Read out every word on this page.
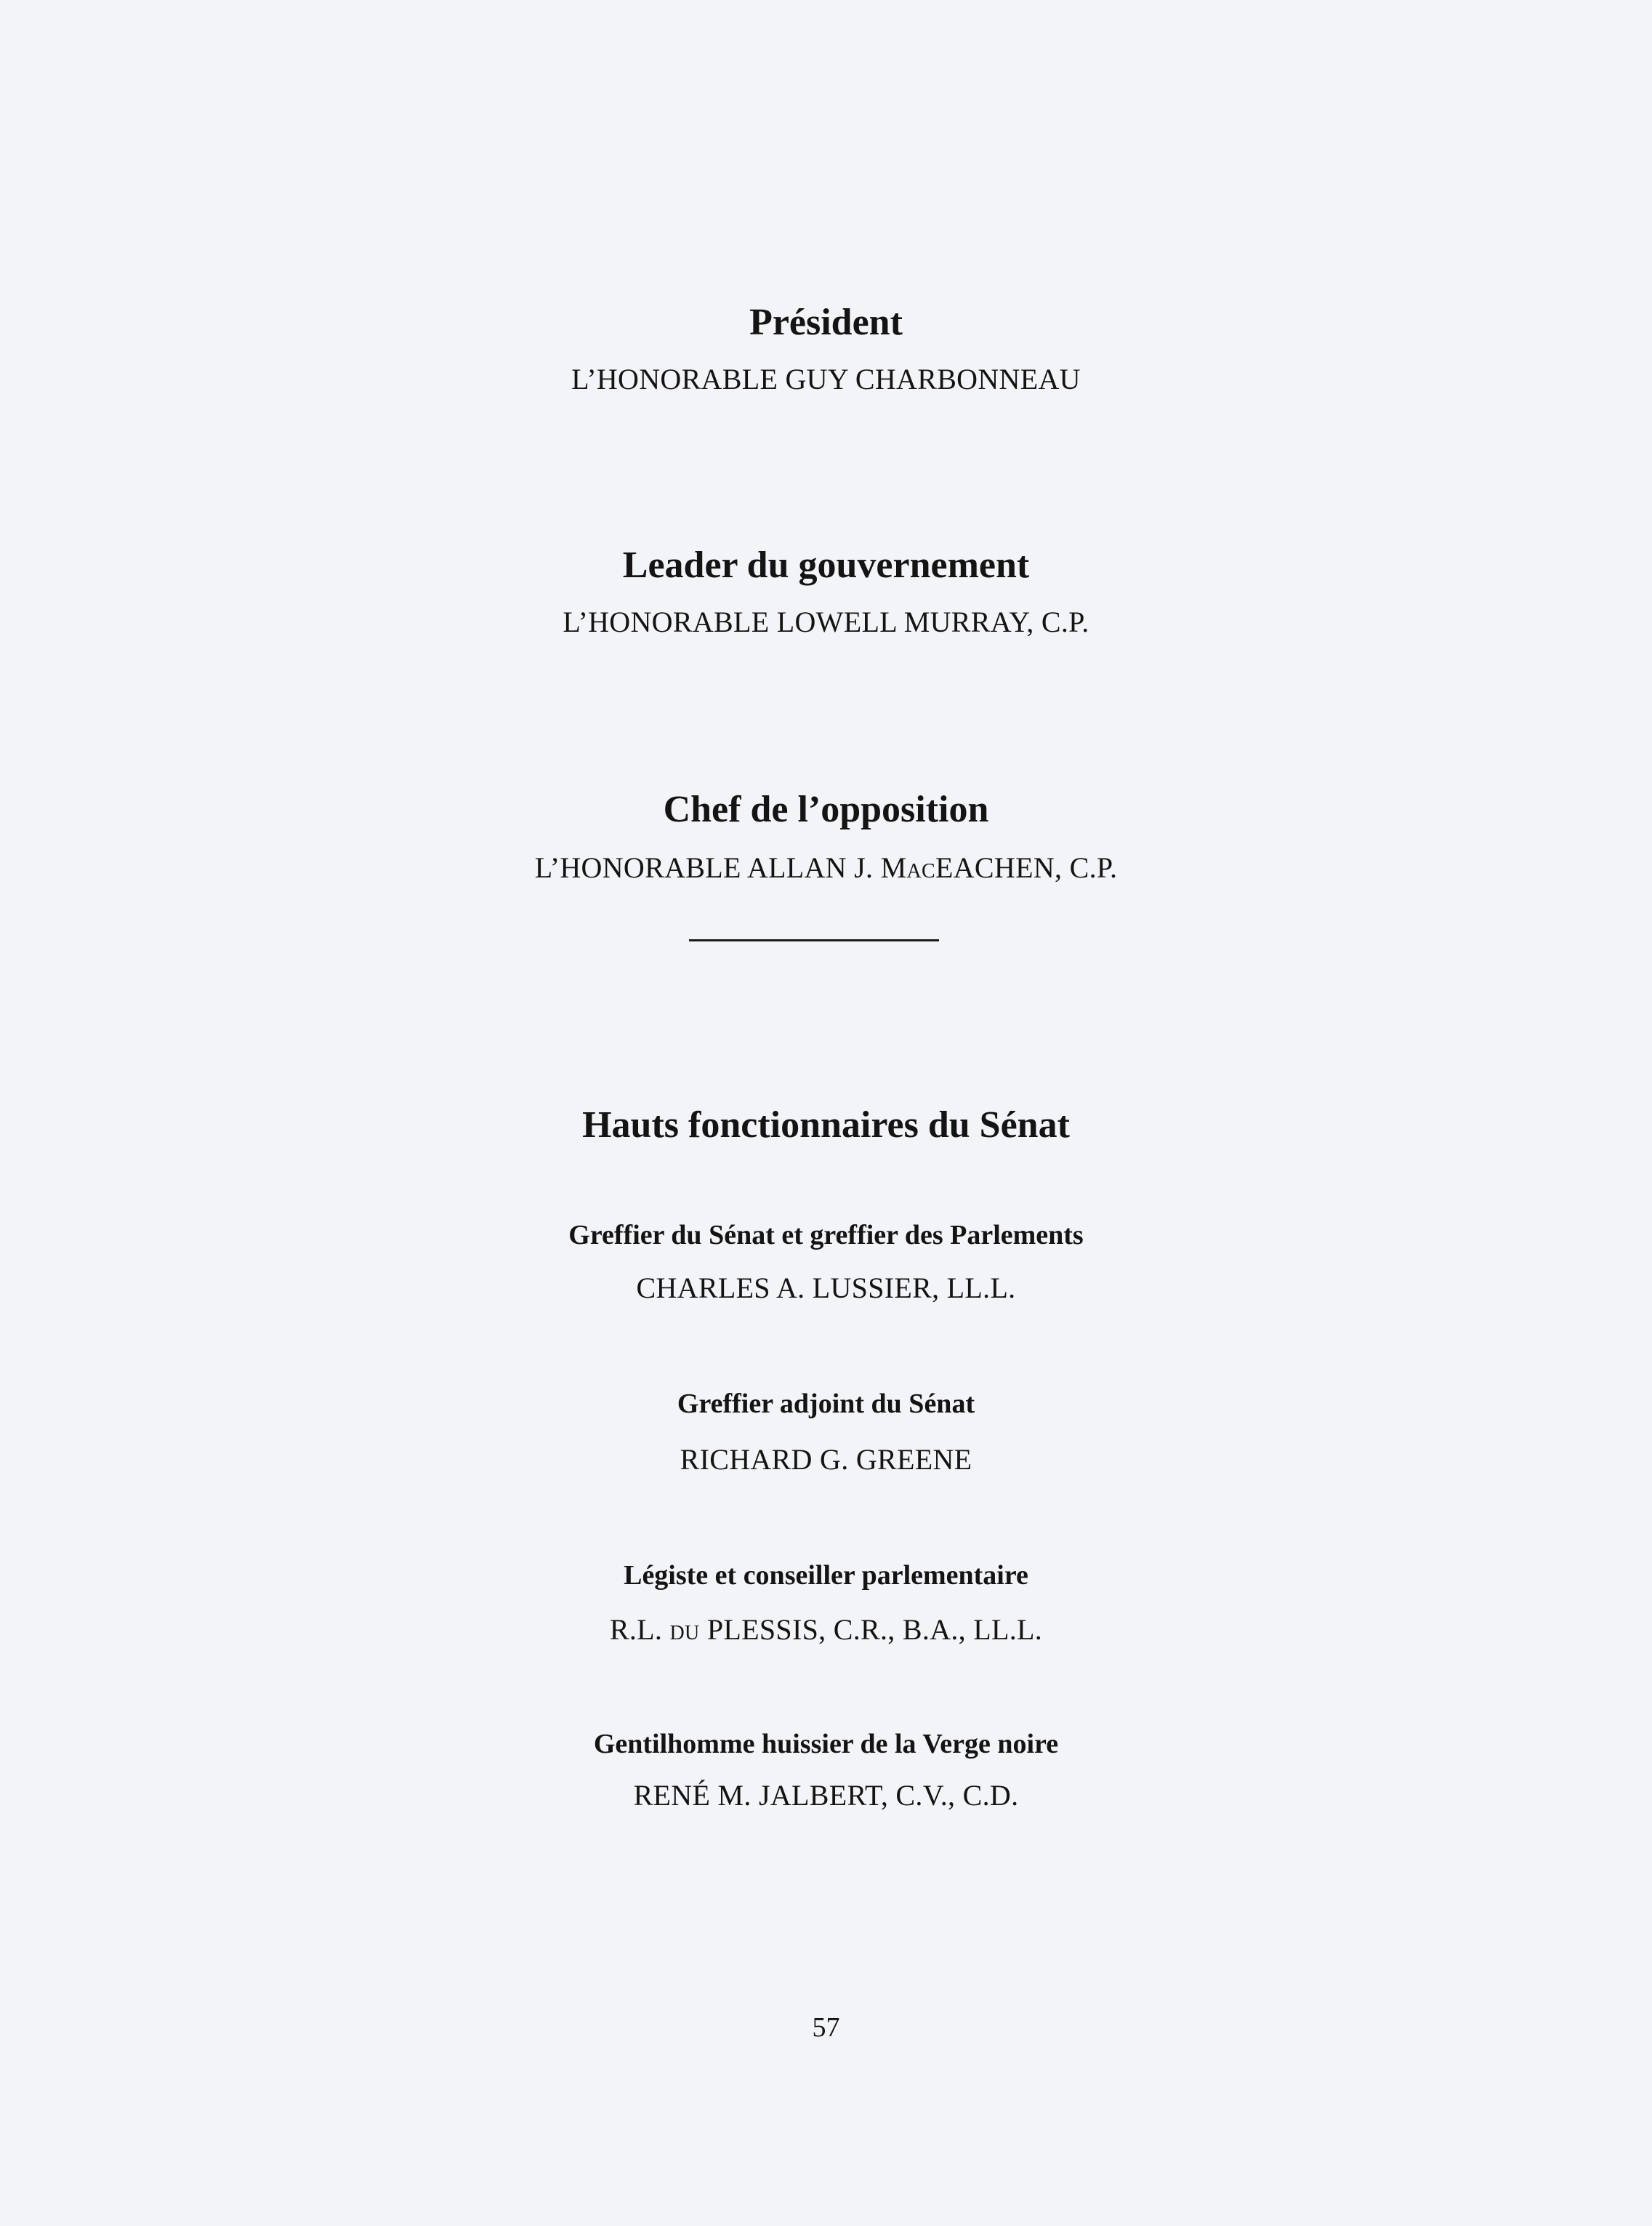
Président
L’HONORABLE GUY CHARBONNEAU
Leader du gouvernement
L’HONORABLE LOWELL MURRAY, C.P.
Chef de l’opposition
L’HONORABLE ALLAN J. MacEACHEN, C.P.
Hauts fonctionnaires du Sénat
Greffier du Sénat et greffier des Parlements
CHARLES A. LUSSIER, LL.L.
Greffier adjoint du Sénat
RICHARD G. GREENE
Légiste et conseiller parlementaire
R.L. du PLESSIS, C.R., B.A., LL.L.
Gentilhomme huissier de la Verge noire
RENÉ M. JALBERT, C.V., C.D.
57
